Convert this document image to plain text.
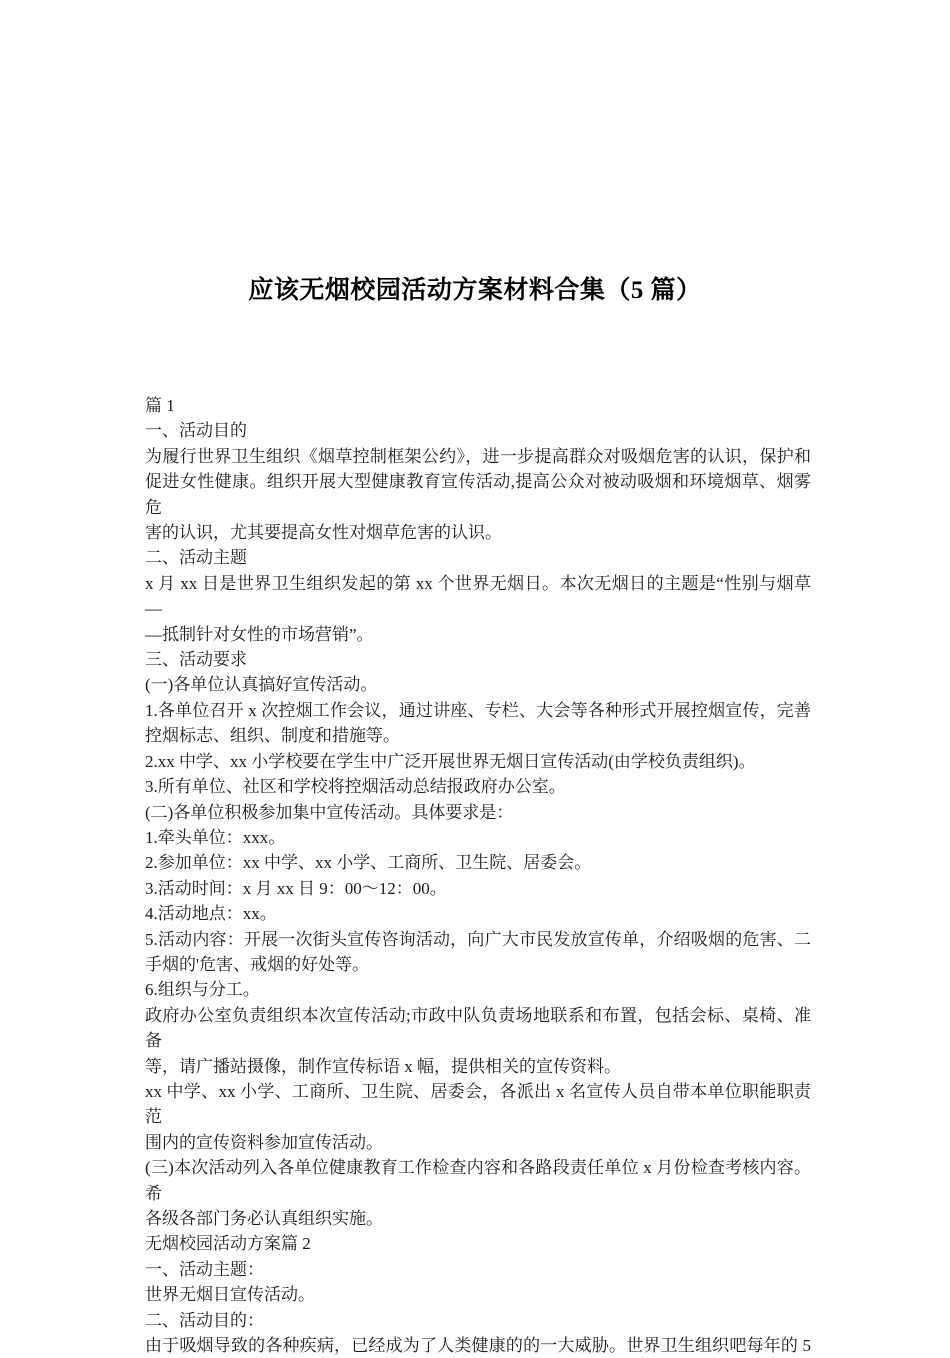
应该无烟校园活动方案材料合集（5 篇）
篇 1
一、活动目的
为履行世界卫生组织《烟草控制框架公约》，进一步提高群众对吸烟危害的认识，保护和
促进女性健康。组织开展大型健康教育宣传活动,提高公众对被动吸烟和环境烟草、烟雾危
害的认识，尤其要提高女性对烟草危害的认识。
二、活动主题
x 月 xx 日是世界卫生组织发起的第 xx 个世界无烟日。本次无烟日的主题是“性别与烟草—
—抵制针对女性的市场营销”。
三、活动要求
(一)各单位认真搞好宣传活动。
1.各单位召开 x 次控烟工作会议，通过讲座、专栏、大会等各种形式开展控烟宣传，完善
控烟标志、组织、制度和措施等。
2.xx 中学、xx 小学校要在学生中广泛开展世界无烟日宣传活动(由学校负责组织)。
3.所有单位、社区和学校将控烟活动总结报政府办公室。
(二)各单位积极参加集中宣传活动。具体要求是：
1.牵头单位：xxx。
2.参加单位：xx 中学、xx 小学、工商所、卫生院、居委会。
3.活动时间：x 月 xx 日 9：00～12：00。
4.活动地点：xx。
5.活动内容：开展一次街头宣传咨询活动，向广大市民发放宣传单，介绍吸烟的危害、二
手烟的'危害、戒烟的好处等。
6.组织与分工。
政府办公室负责组织本次宣传活动;市政中队负责场地联系和布置，包括会标、桌椅、准备
等，请广播站摄像，制作宣传标语 x 幅，提供相关的宣传资料。
xx 中学、xx 小学、工商所、卫生院、居委会，各派出 x 名宣传人员自带本单位职能职责范
围内的宣传资料参加宣传活动。
(三)本次活动列入各单位健康教育工作检查内容和各路段责任单位 x 月份检查考核内容。希
各级各部门务必认真组织实施。
无烟校园活动方案篇 2
一、活动主题：
世界无烟日宣传活动。
二、活动目的：
由于吸烟导致的各种疾病，已经成为了人类健康的的一大威胁。世界卫生组织吧每年的 5
